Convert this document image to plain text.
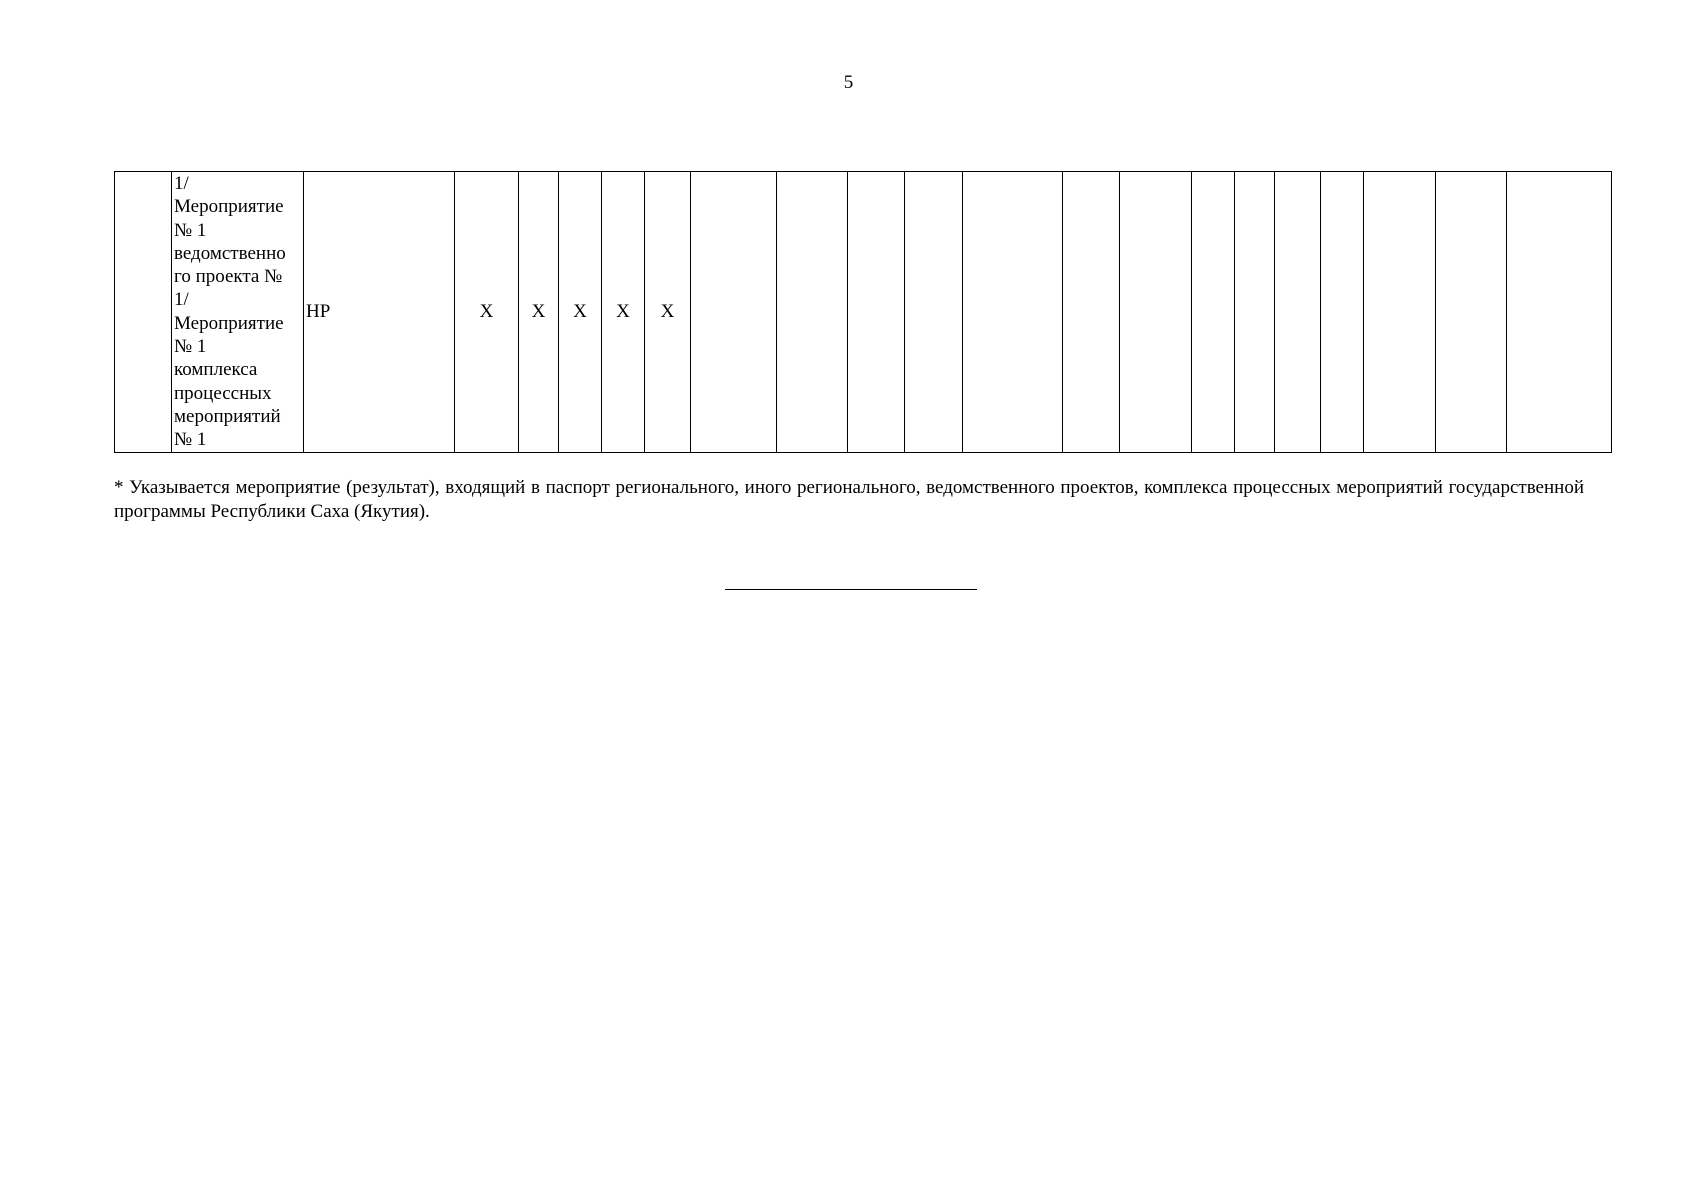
5

1/
Мероприятие
№ 1
ведомственно
го проекта №
1/
Мероприятие
№ 1
комплекса
процессных
мероприятий
№ 1
	НР	Х	Х	Х	Х	Х														
* Указывается мероприятие (результат), входящий в паспорт регионального, иного регионального, ведомственного проектов, комплекса процессных мероприятий государственной программы Республики Саха (Якутия).
